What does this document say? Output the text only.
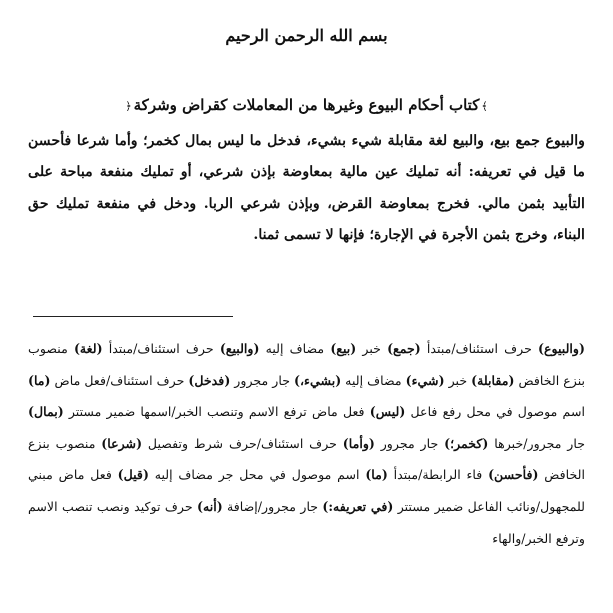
بسم الله الرحمن الرحيم
﴾كتاب أحكام البيوع وغيرها من المعاملات كقراض وشركة﴿
والبيوع جمع بيع، والبيع لغة مقابلة شيء بشيء، فدخل ما ليس بمال كخمر؛ وأما شرعا فأحسن ما قيل في تعريفه: أنه تمليك عين مالية بمعاوضة بإذن شرعي، أو تمليك منفعة مباحة على التأبيد بثمن مالي. فخرج بمعاوضة القرض، وبإذن شرعي الربا. ودخل في منفعة تمليك حق البناء، وخرج بثمن الأجرة في الإجارة؛ فإنها لا تسمى ثمنا.
(والبيوع) حرف استئناف/مبتدأ (جمع) خبر (بيع) مضاف إليه (والبيع) حرف استئناف/مبتدأ (لغة) منصوب بنزع الخافض (مقابلة) خبر (شيء) مضاف إليه (بشيء،) جار مجرور (فدخل) حرف استئناف/فعل ماض (ما) اسم موصول في محل رفع فاعل (ليس) فعل ماض ترفع الاسم وتنصب الخبر/اسمها ضمير مستتر (بمال) جار مجرور/خبرها (كخمر؛) جار مجرور (وأما) حرف استئناف/حرف شرط وتفصيل (شرعا) منصوب بنزع الخافض (فأحسن) فاء الرابطة/مبتدأ (ما) اسم موصول في محل جر مضاف إليه (قيل) فعل ماض مبني للمجهول/ونائب الفاعل ضمير مستتر (في تعريفه:) جار مجرور/إضافة (أنه) حرف توكيد ونصب تنصب الاسم وترفع الخبر/والهاء
